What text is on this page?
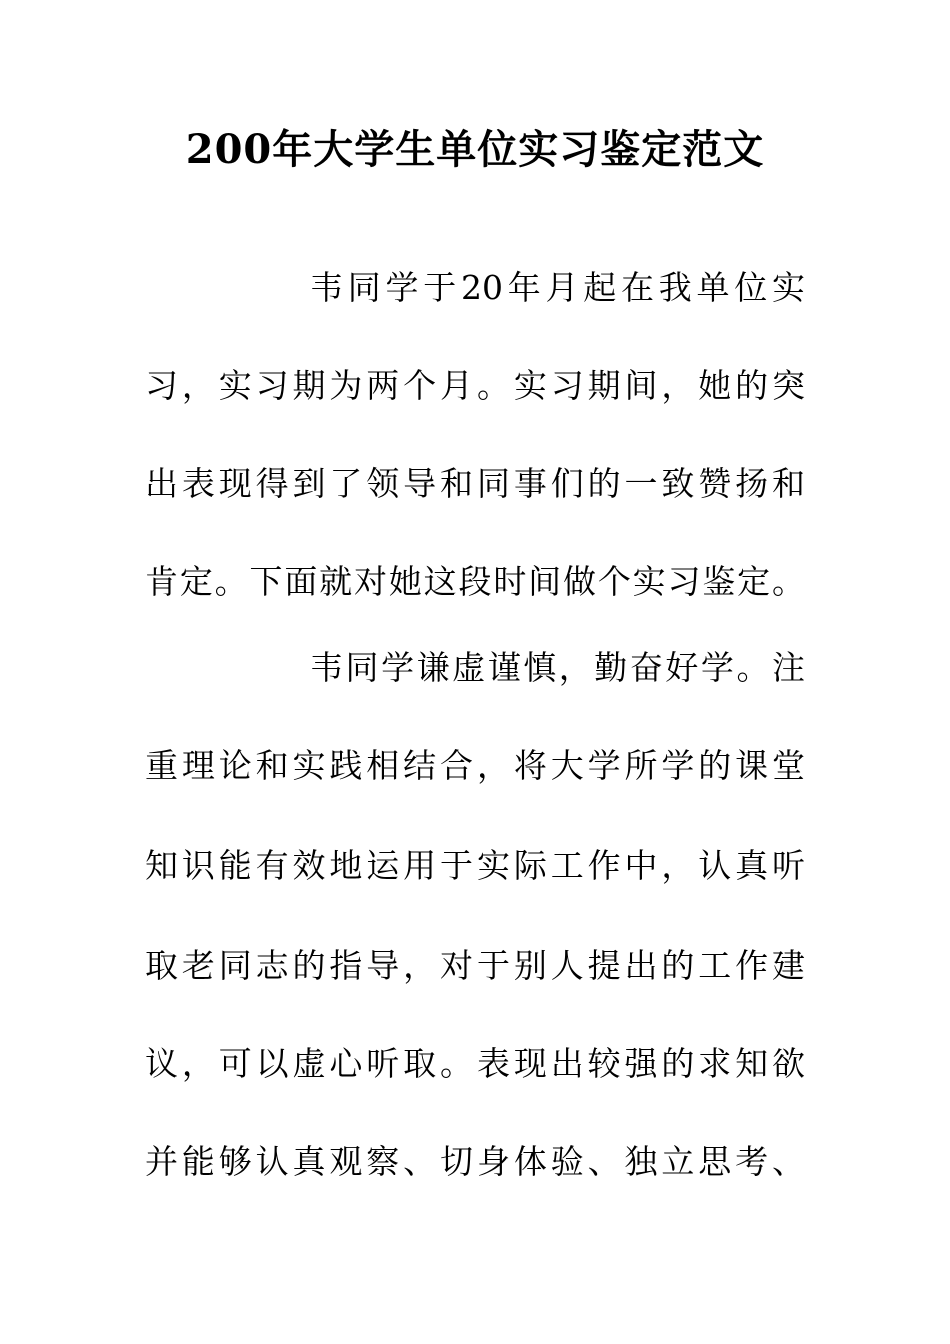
200年大学生单位实习鉴定范文
韦同学于20年月起在我单位实
习，实习期为两个月。实习期间，她的突
出表现得到了领导和同事们的一致赞扬和
肯定。下面就对她这段时间做个实习鉴定。
韦同学谦虚谨慎，勤奋好学。注
重理论和实践相结合，将大学所学的课堂
知识能有效地运用于实际工作中，认真听
取老同志的指导，对于别人提出的工作建
议，可以虚心听取。表现出较强的求知欲
并能够认真观察、切身体验、独立思考、
